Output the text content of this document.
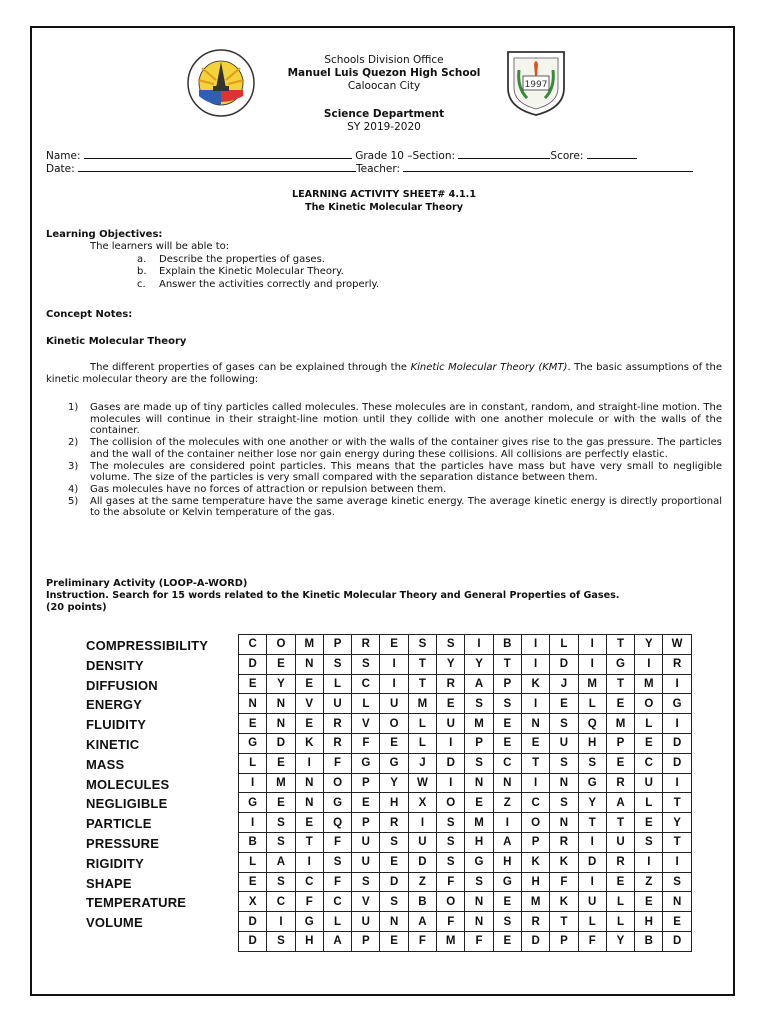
Schools Division Office
Manuel Luis Quezon High School
Caloocan City	1997
Science Department
SY 2019-2020
Name:	Grade 10 –Section:	Score:
Date:	Teacher:
LEARNING ACTIVITY SHEET# 4.1.1
The Kinetic Molecular Theory
Learning Objectives:
The learners will be able to:
a. Describe the properties of gases.
b. Explain the Kinetic Molecular Theory.
c. Answer the activities correctly and properly.
Concept Notes:
Kinetic Molecular Theory
The different properties of gases can be explained through the Kinetic Molecular Theory (KMT). The basic assumptions of the kinetic molecular theory are the following:
1) Gases are made up of tiny particles called molecules. These molecules are in constant, random, and straight-line motion. The molecules will continue in their straight-line motion until they collide with one another molecule or with the walls of the container.
2) The collision of the molecules with one another or with the walls of the container gives rise to the gas pressure. The particles and the wall of the container neither lose nor gain energy during these collisions. All collisions are perfectly elastic.
3) The molecules are considered point particles. This means that the particles have mass but have very small to negligible volume. The size of the particles is very small compared with the separation distance between them.
4) Gas molecules have no forces of attraction or repulsion between them.
5) All gases at the same temperature have the same average kinetic energy. The average kinetic energy is directly proportional to the absolute or Kelvin temperature of the gas.
Preliminary Activity (LOOP-A-WORD)
Instruction. Search for 15 words related to the Kinetic Molecular Theory and General Properties of Gases.
(20 points)
COMPRESSIBILITY
DENSITY
DIFFUSION
ENERGY
FLUIDITY
KINETIC
MASS
MOLECULES
NEGLIGIBLE
PARTICLE
PRESSURE
RIGIDITY
SHAPE
TEMPERATURE
VOLUME
C	O	M	P	R	E	S	S	I	B	I	L	I	T	Y	W
D	E	N	S	S	I	T	Y	Y	T	I	D	I	G	I	R
E	Y	E	L	C	I	T	R	A	P	K	J	M	T	M	I
N	N	V	U	L	U	M	E	S	S	I	E	L	E	O	G
E	N	E	R	V	O	L	U	M	E	N	S	Q	M	L	I
G	D	K	R	F	E	L	I	P	E	E	U	H	P	E	D
L	E	I	F	G	G	J	D	S	C	T	S	S	E	C	D
I	M	N	O	P	Y	W	I	N	N	I	N	G	R	U	I
G	E	N	G	E	H	X	O	E	Z	C	S	Y	A	L	T
I	S	E	Q	P	R	I	S	M	I	O	N	T	T	E	Y
B	S	T	F	U	S	U	S	H	A	P	R	I	U	S	T
L	A	I	S	U	E	D	S	G	H	K	K	D	R	I	I
E	S	C	F	S	D	Z	F	S	G	H	F	I	E	Z	S
X	C	F	C	V	S	B	O	N	E	M	K	U	L	E	N
D	I	G	L	U	N	A	F	N	S	R	T	L	L	H	E
D	S	H	A	P	E	F	M	F	E	D	P	F	Y	B	D
